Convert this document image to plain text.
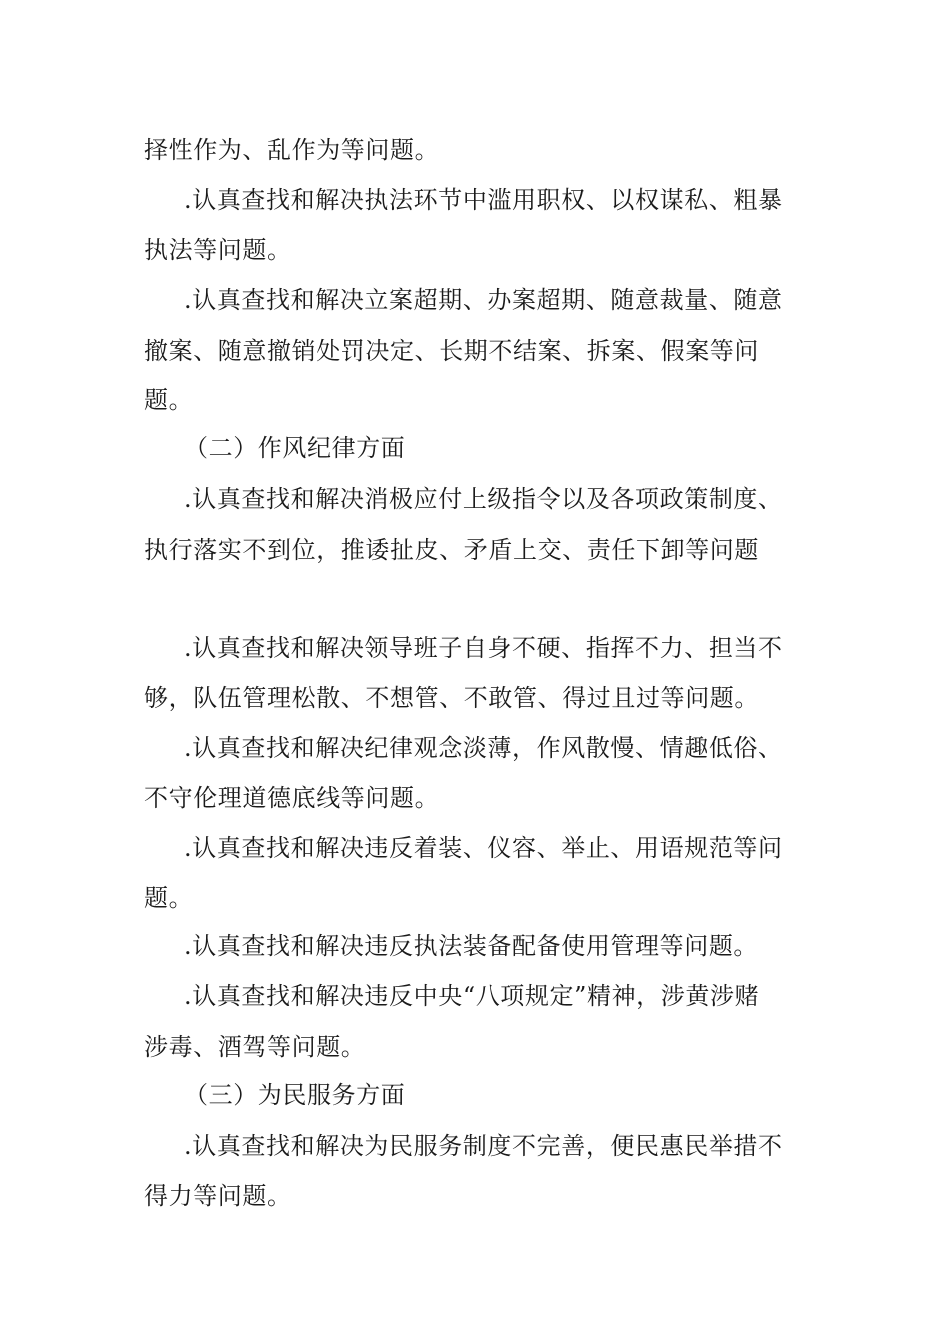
择性作为、乱作为等问题。

.认真查找和解决执法环节中滥用职权、以权谋私、粗暴

执法等问题。

.认真查找和解决立案超期、办案超期、随意裁量、随意

撤案、随意撤销处罚决定、长期不结案、拆案、假案等问

题。

（二）作风纪律方面

.认真查找和解决消极应付上级指令以及各项政策制度、

执行落实不到位，推诿扯皮、矛盾上交、责任下卸等问题

.认真查找和解决领导班子自身不硬、指挥不力、担当不

够，队伍管理松散、不想管、不敢管、得过且过等问题。

.认真查找和解决纪律观念淡薄，作风散慢、情趣低俗、

不守伦理道德底线等问题。

.认真查找和解决违反着装、仪容、举止、用语规范等问

题。

.认真查找和解决违反执法装备配备使用管理等问题。

.认真查找和解决违反中央“八项规定”精神，涉黄涉赌

涉毒、酒驾等问题。

（三）为民服务方面

.认真查找和解决为民服务制度不完善，便民惠民举措不

得力等问题。
